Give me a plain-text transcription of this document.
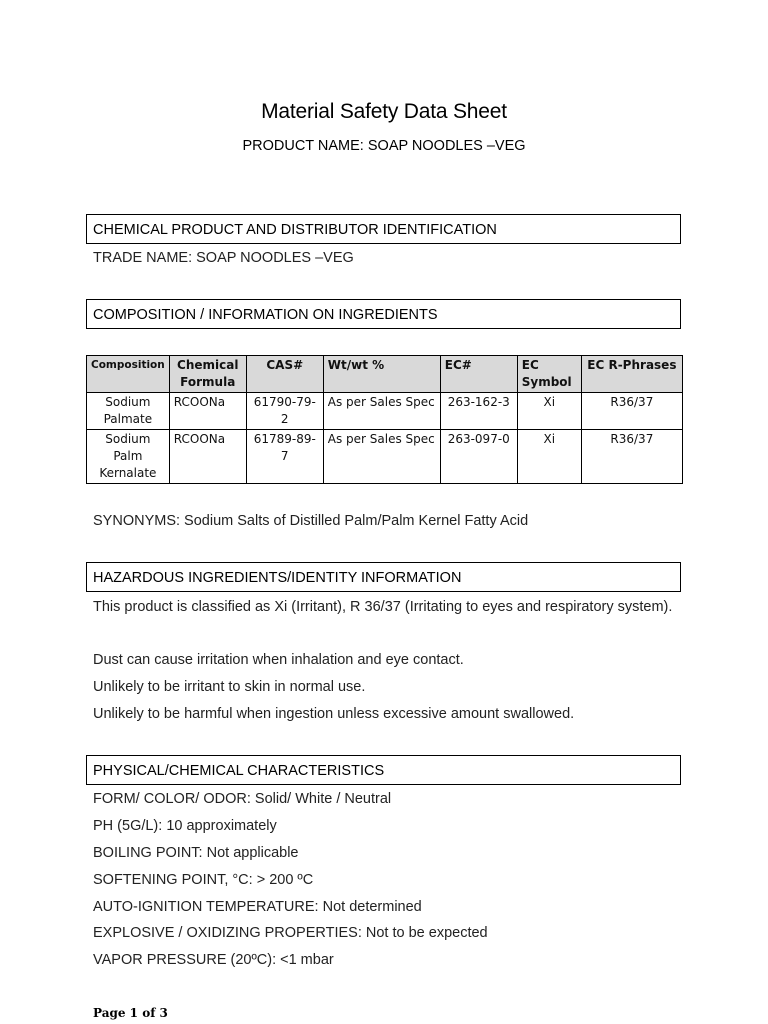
Material Safety Data Sheet
PRODUCT NAME: SOAP NOODLES –VEG
CHEMICAL PRODUCT AND DISTRIBUTOR IDENTIFICATION
TRADE NAME: SOAP NOODLES –VEG
COMPOSITION / INFORMATION ON INGREDIENTS
Composition	Chemical Formula	CAS#	Wt/wt %	EC#	EC Symbol	EC R-Phrases
Sodium Palmate	RCOONa	61790-79-2	As per Sales Spec	263-162-3	Xi	R36/37
Sodium Palm Kernalate	RCOONa	61789-89-7	As per Sales Spec	263-097-0	Xi	R36/37
SYNONYMS: Sodium Salts of Distilled Palm/Palm Kernel Fatty Acid
HAZARDOUS INGREDIENTS/IDENTITY INFORMATION
This product is classified as Xi (Irritant), R 36/37 (Irritating to eyes and respiratory system).
Dust can cause irritation when inhalation and eye contact.
Unlikely to be irritant to skin in normal use.
Unlikely to be harmful when ingestion unless excessive amount swallowed.
PHYSICAL/CHEMICAL CHARACTERISTICS
FORM/ COLOR/ ODOR: Solid/ White / Neutral
PH (5G/L): 10 approximately
BOILING POINT: Not applicable
SOFTENING POINT, °C: > 200 ºC
AUTO-IGNITION TEMPERATURE: Not determined
EXPLOSIVE / OXIDIZING PROPERTIES: Not to be expected
VAPOR PRESSURE (20ºC): <1 mbar
Page 1 of 3
